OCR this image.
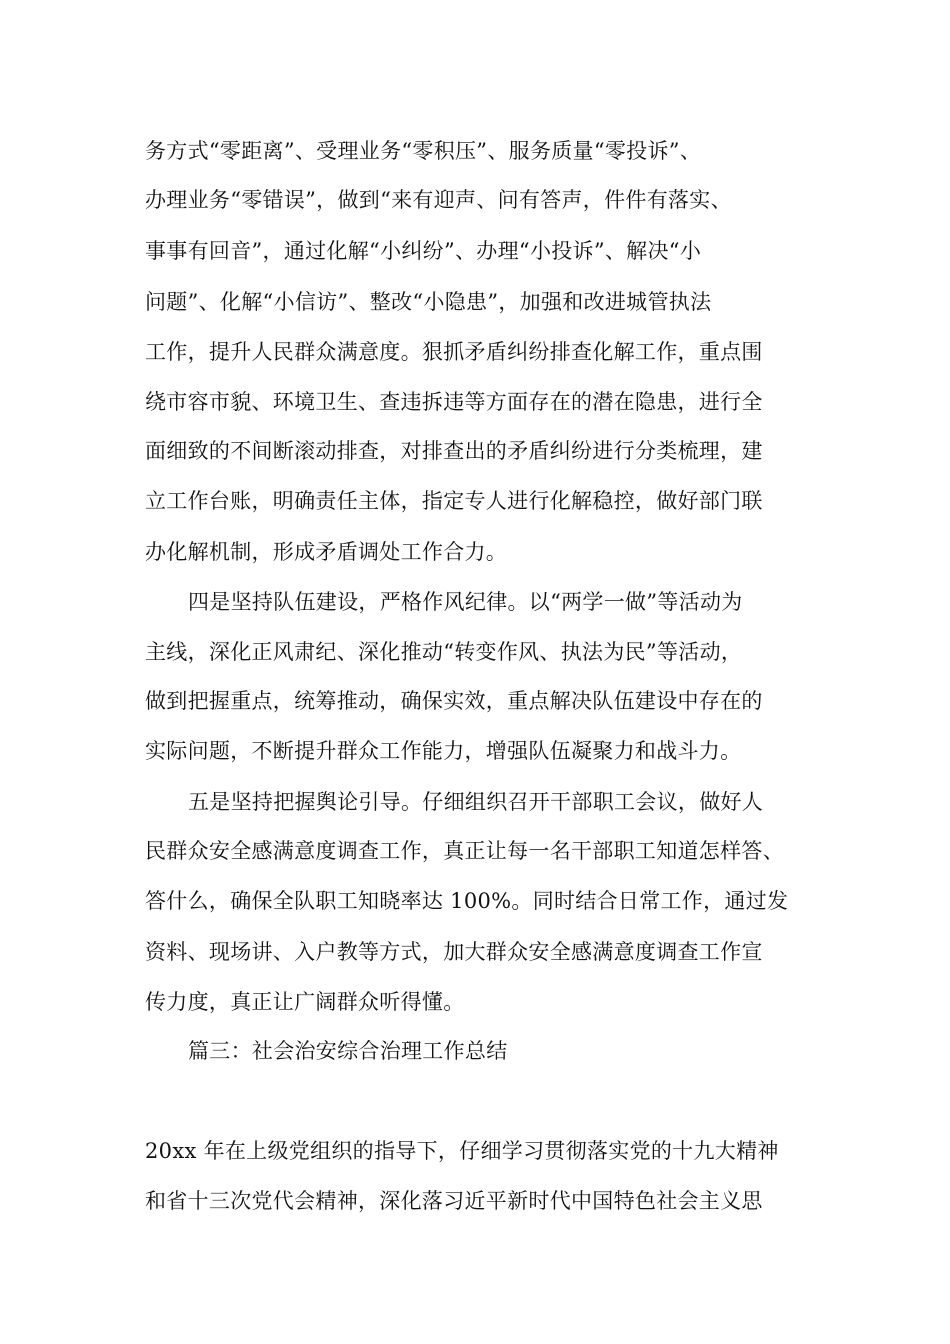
务方式“零距离”、受理业务“零积压”、服务质量“零投诉”、
办理业务“零错误”，做到“来有迎声、问有答声，件件有落实、
事事有回音”，通过化解“小纠纷”、办理“小投诉”、解决“小
问题”、化解“小信访”、整改“小隐患”，加强和改进城管执法
工作，提升人民群众满意度。狠抓矛盾纠纷排查化解工作，重点围
绕市容市貌、环境卫生、查违拆违等方面存在的潜在隐患，进行全
面细致的不间断滚动排查，对排查出的矛盾纠纷进行分类梳理，建
立工作台账，明确责任主体，指定专人进行化解稳控，做好部门联
办化解机制，形成矛盾调处工作合力。
四是坚持队伍建设，严格作风纪律。以“两学一做”等活动为
主线，深化正风肃纪、深化推动“转变作风、执法为民”等活动，
做到把握重点，统筹推动，确保实效，重点解决队伍建设中存在的
实际问题，不断提升群众工作能力，增强队伍凝聚力和战斗力。
五是坚持把握舆论引导。仔细组织召开干部职工会议，做好人
民群众安全感满意度调查工作，真正让每一名干部职工知道怎样答、
答什么，确保全队职工知晓率达 100%。同时结合日常工作，通过发
资料、现场讲、入户教等方式，加大群众安全感满意度调查工作宣
传力度，真正让广阔群众听得懂。
篇三：社会治安综合治理工作总结
20xx 年在上级党组织的指导下，仔细学习贯彻落实党的十九大精神
和省十三次党代会精神，深化落习近平新时代中国特色社会主义思
